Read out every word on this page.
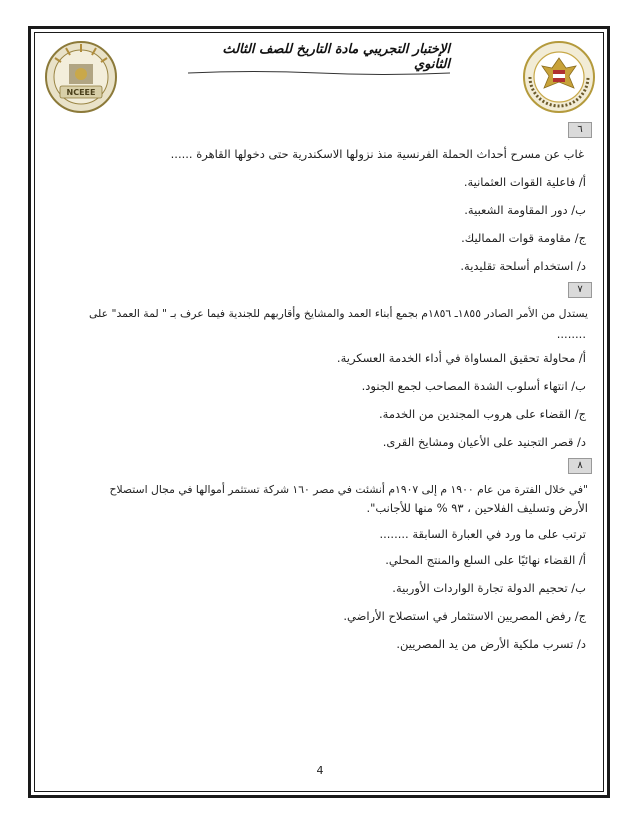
NCEEE
الإختبار التجريبي مادة التاريخ للصف الثالث الثانوي
٦
غاب عن مسرح أحداث الحملة الفرنسية منذ نزولها الاسكندرية حتى دخولها القاهرة ......
أ/ فاعلية القوات العثمانية.
ب/ دور المقاومة الشعبية.
ج/ مقاومة قوات المماليك.
د/ استخدام أسلحة تقليدية.
٧
يستدل من الأمر الصادر ١٨٥٥ـ ١٨٥٦م بجمع أبناء العمد والمشايخ وأقاربهم للجندية فيما عرف بـ " لمة العمد" على
........
أ/ محاولة تحقيق المساواة في أداء الخدمة العسكرية.
ب/ انتهاء أسلوب الشدة المصاحب لجمع الجنود.
ج/ القضاء على هروب المجندين من الخدمة.
د/ قصر التجنيد على الأعيان ومشايخ القرى.
٨
"في خلال الفترة من عام ١٩٠٠ م إلى ١٩٠٧م أنشئت في مصر ١٦٠ شركة تستثمر أموالها في مجال استصلاح
الأرض وتسليف الفلاحين ، ٩٣ % منها للأجانب".
ترتب على ما ورد في العبارة السابقة ........
أ/ القضاء نهائيًا على السلع والمنتج المحلي.
ب/ تحجيم الدولة تجارة الواردات الأوربية.
ج/ رفض المصريين الاستثمار في استصلاح الأراضي.
د/ تسرب ملكية الأرض من يد المصريين.
4
